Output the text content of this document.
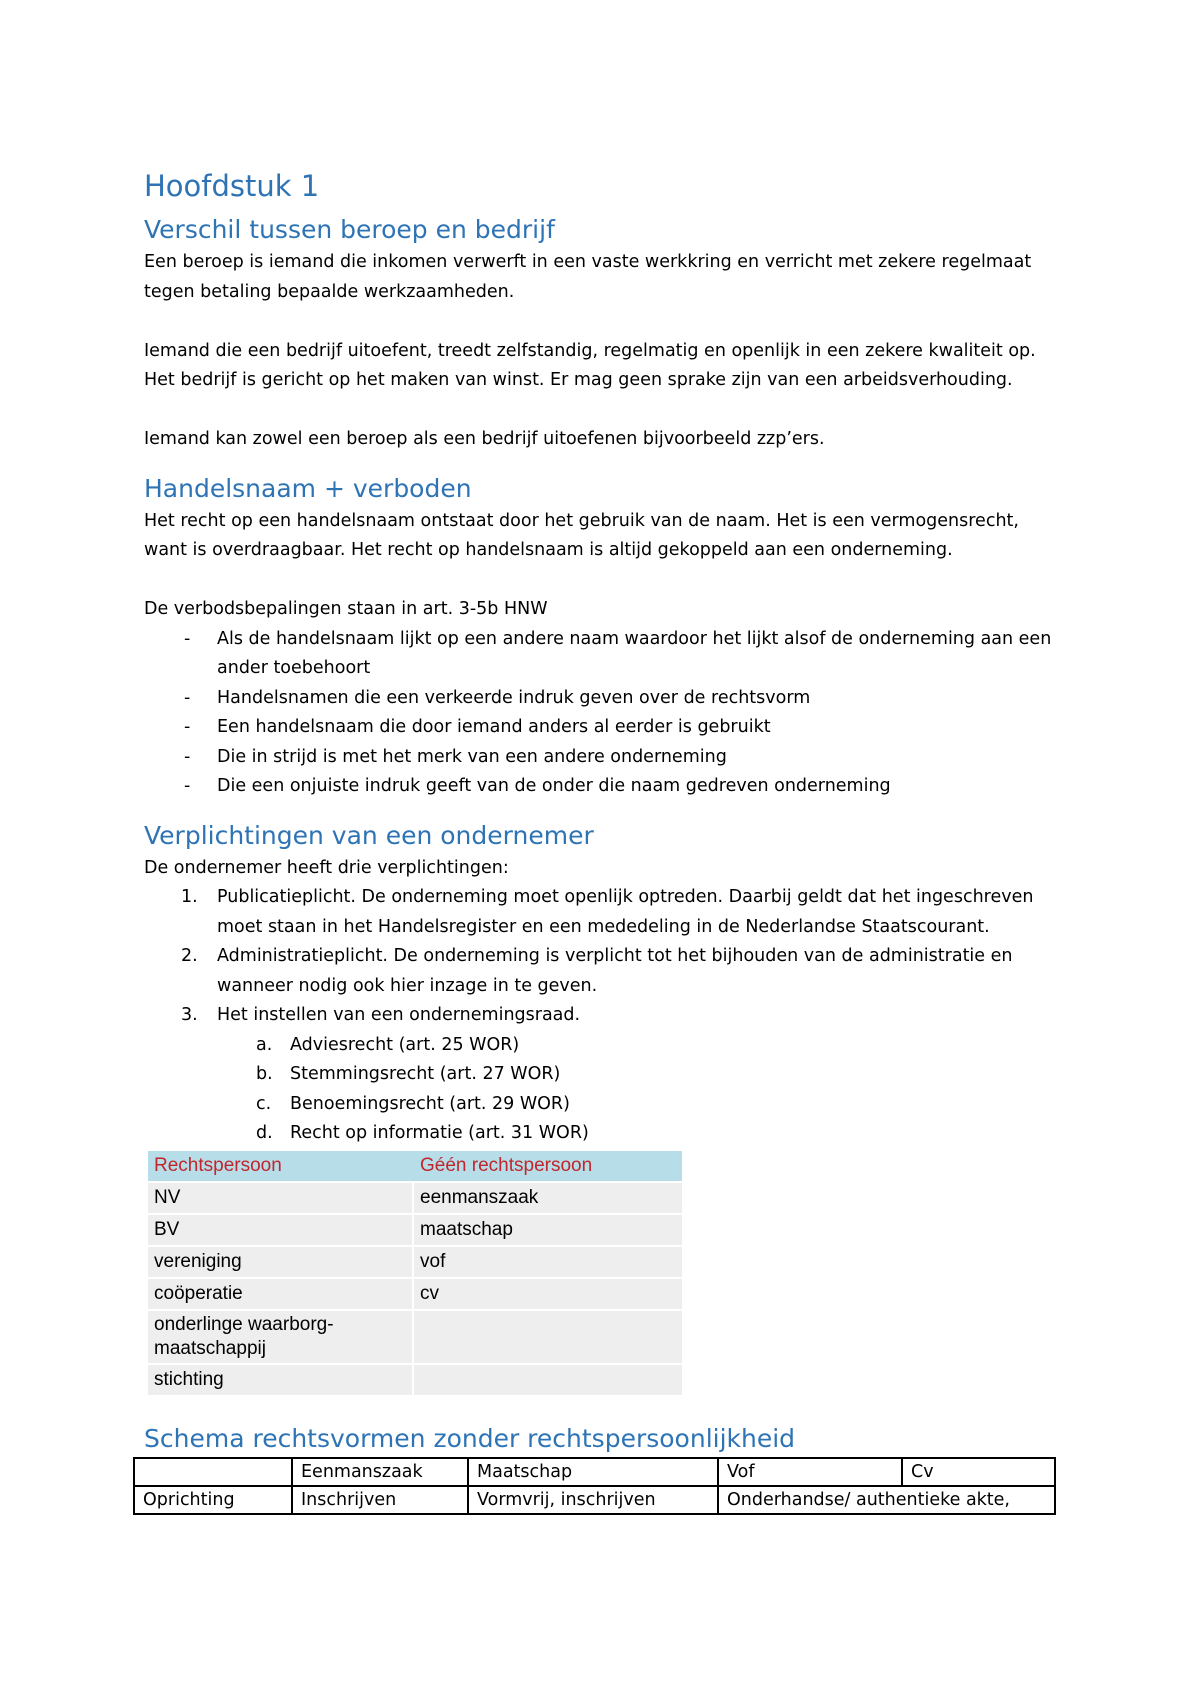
Hoofdstuk 1
Verschil tussen beroep en bedrijf

Een beroep is iemand die inkomen verwerft in een vaste werkkring en verricht met zekere regelmaat tegen betaling bepaalde werkzaamheden.

Iemand die een bedrijf uitoefent, treedt zelfstandig, regelmatig en openlijk in een zekere kwaliteit op. Het bedrijf is gericht op het maken van winst. Er mag geen sprake zijn van een arbeidsverhouding.

Iemand kan zowel een beroep als een bedrijf uitoefenen bijvoorbeeld zzp’ers.

Handelsnaam + verboden

Het recht op een handelsnaam ontstaat door het gebruik van de naam. Het is een vermogensrecht, want is overdraagbaar. Het recht op handelsnaam is altijd gekoppeld aan een onderneming.

De verbodsbepalingen staan in art. 3-5b HNW

- Als de handelsnaam lijkt op een andere naam waardoor het lijkt alsof de onderneming aan een ander toebehoort
- Handelsnamen die een verkeerde indruk geven over de rechtsvorm
- Een handelsnaam die door iemand anders al eerder is gebruikt
- Die in strijd is met het merk van een andere onderneming
- Die een onjuiste indruk geeft van de onder die naam gedreven onderneming
Verplichtingen van een ondernemer

De ondernemer heeft drie verplichtingen:

1. Publicatieplicht. De onderneming moet openlijk optreden. Daarbij geldt dat het ingeschreven moet staan in het Handelsregister en een mededeling in de Nederlandse Staatscourant.
2. Administratieplicht. De onderneming is verplicht tot het bijhouden van de administratie en wanneer nodig ook hier inzage in te geven.
3. Het instellen van een ondernemingsraad.
a. Adviesrecht (art. 25 WOR)
b. Stemmingsrecht (art. 27 WOR)
c. Benoemingsrecht (art. 29 WOR)
d. Recht op informatie (art. 31 WOR)
Rechtspersoon	Géén rechtspersoon
NV	eenmanszaak
BV	maatschap
vereniging	vof
coöperatie	cv
onderlinge waarborg-maatschappij	
stichting	
Schema rechtsvormen zonder rechtspersoonlijkheid
	Eenmanszaak	Maatschap	Vof	Cv
Oprichting	Inschrijven	Vormvrij, inschrijven	Onderhandse/ authentieke akte,	
